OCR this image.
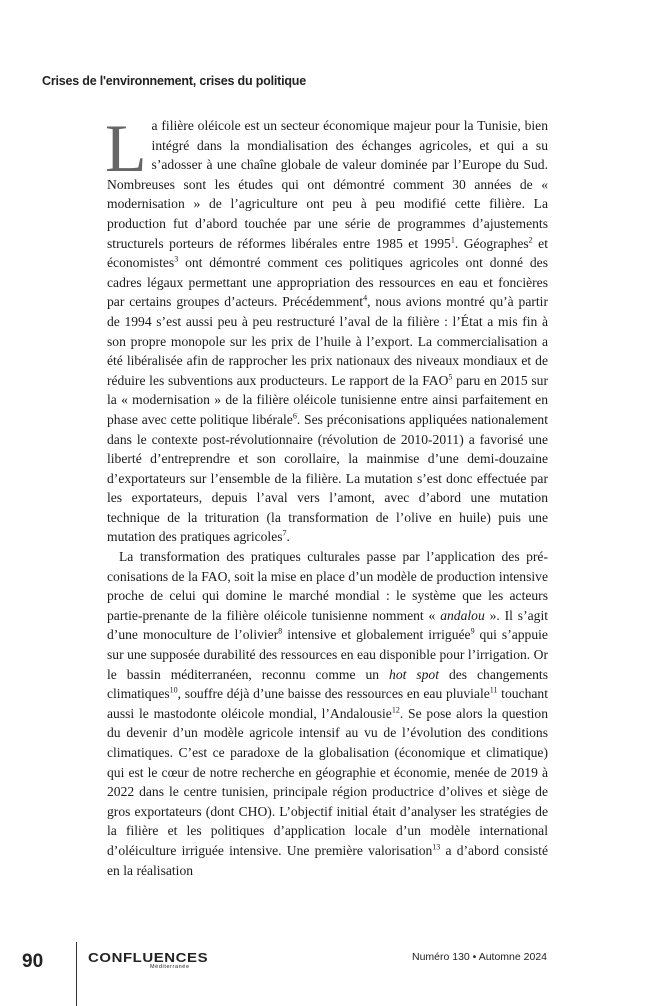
Crises de l'environnement, crises du politique

La filière oléicole est un secteur économique majeur pour la Tunisie, bien intégré dans la mondialisation des échanges agricoles, et qui a su s’adosser à une chaîne globale de valeur dominée par l’Europe du Sud. Nombreuses sont les études qui ont démontré comment 30 années de « modernisation » de l’agriculture ont peu à peu modifié cette filière. La production fut d’abord touchée par une série de programmes d’ajustements structurels porteurs de réformes libérales entre 1985 et 1995$^1$. Géographes$^2$ et économistes$^3$ ont démontré comment ces politiques agricoles ont donné des cadres légaux permettant une appropriation des ressources en eau et foncières par certains groupes d’acteurs. Précédemment$^4$, nous avions montré qu’à partir de 1994 s’est aussi peu à peu restructuré l’aval de la filière : l’État a mis fin à son propre monopole sur les prix de l’huile à l’export. La commercialisation a été libéralisée afin de rapprocher les prix nationaux des niveaux mondiaux et de réduire les subventions aux producteurs. Le rapport de la FAO$^5$ paru en 2015 sur la « modernisation » de la filière oléicole tunisienne entre ainsi parfaitement en phase avec cette politique libérale$^6$. Ses préconisations appliquées nationalement dans le contexte post-révolutionnaire (révolution de 2010-2011) a favorisé une liberté d’entreprendre et son corollaire, la mainmise d’une demi-douzaine d’exportateurs sur l’ensemble de la filière. La mutation s’est donc effectuée par les exportateurs, depuis l’aval vers l’amont, avec d’abord une mutation technique de la trituration (la transformation de l’olive en huile) puis une mutation des pratiques agricoles$^7$.

La transformation des pratiques culturales passe par l’application des préconisations de la FAO, soit la mise en place d’un modèle de production intensive proche de celui qui domine le marché mondial : le système que les acteurs partie-prenante de la filière oléicole tunisienne nomment « andalou ». Il s’agit d’une monoculture de l’olivier$^8$ intensive et globalement irriguée$^9$ qui s’appuie sur une supposée durabilité des ressources en eau disponible pour l’irrigation. Or le bassin méditerranéen, reconnu comme un hot spot des changements climatiques$^{10}$, souffre déjà d’une baisse des ressources en eau pluviale$^{11}$ touchant aussi le mastodonte oléicole mondial, l’Andalousie$^{12}$. Se pose alors la question du devenir d’un modèle agricole intensif au vu de l’évolution des conditions climatiques. C’est ce paradoxe de la globalisation (économique et climatique) qui est le cœur de notre recherche en géographie et économie, menée de 2019 à 2022 dans le centre tunisien, principale région productrice d’olives et siège de gros exportateurs (dont CHO). L’objectif initial était d’analyser les stratégies de la filière et les politiques d’application locale d’un modèle international d’oléiculture irriguée intensive. Une première valorisation$^{13}$ a d’abord consisté en la réalisation

90	CONFLUENCES
Méditerranée
Numéro 130 • Automne 2024
